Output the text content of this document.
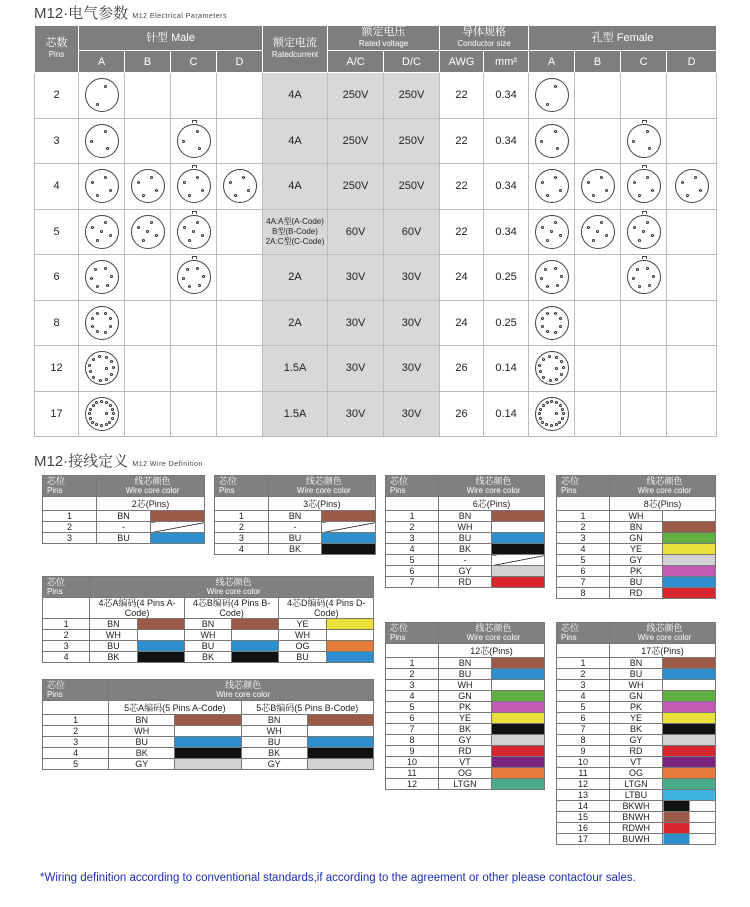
M12·电气参数 M12 Electrical Parameters
芯数
Pins	针型 Male				额定电流
Ratedcurrent	额定电压
Rated voltage		导体规格
Conductor size		孔型 Female			
	A	B	C	D		A/C	D/C	AWG	mm²	A	B	C	D
2					4A	250V	250V	22	0.34	

3					4A	250V	250V	22	0.34	

4					4A	250V	250V	22	0.34	

5					4A:A型(A-Code)
B型(B-Code)
2A:C型(C-Code)	60V	60V	22	0.34	

6					2A	30V	30V	24	0.25	

8					2A	30V	30V	24	0.25	

12					1.5A	30V	30V	26	0.14	

17					1.5A	30V	30V	26	0.14	

M12·接线定义 M12 Wire Definition
芯位
Pins	线芯颜色
Wire core color	

	2芯(Pins)	
1	BN	
2	-	
3	BU	
芯位
Pins	线芯颜色
Wire core color	

	3芯(Pins)	
1	BN	
2	-	
3	BU	
4	BK	
芯位
Pins	线芯颜色
Wire core color	

	6芯(Pins)	
1	BN	
2	WH	
3	BU	
4	BK	
5	-	
6	GY	
7	RD	
芯位
Pins	线芯颜色
Wire core color	

	8芯(Pins)	
1	WH	
2	BN	
3	GN	
4	YE	
5	GY	
6	PK	
7	BU	
8	RD	
芯位
Pins	线芯颜色
Wire core color					

	4芯A编码(4 Pins A-Code)		4芯B编码(4 Pins B-Code)		4芯D编码(4 Pins D-Code)	
1	BN		BN		YE	
2	WH		WH		WH	
3	BU		BU		OG	
4	BK		BK		BU	
芯位
Pins	线芯颜色
Wire core color			

	5芯A编码(5 Pins A-Code)		5芯B编码(5 Pins B-Code)	
1	BN		BN	
2	WH		WH	
3	BU		BU	
4	BK		BK	
5	GY		GY	
芯位
Pins	线芯颜色
Wire core color	

	12芯(Pins)	
1	BN	
2	BU	
3	WH	
4	GN	
5	PK	
6	YE	
7	BK	
8	GY	
9	RD	
10	VT	
11	OG	
12	LTGN	
芯位
Pins	线芯颜色
Wire core color	

	17芯(Pins)	
1	BN	
2	BU	
3	WH	
4	GN	
5	PK	
6	YE	
7	BK	
8	GY	
9	RD	
10	VT	
11	OG	
12	LTGN	
13	LTBU	
14	BKWH	
15	BNWH	
16	RDWH	
17	BUWH	
*Wiring definition according to conventional standards,if according to the agreement or other please contactour sales.
